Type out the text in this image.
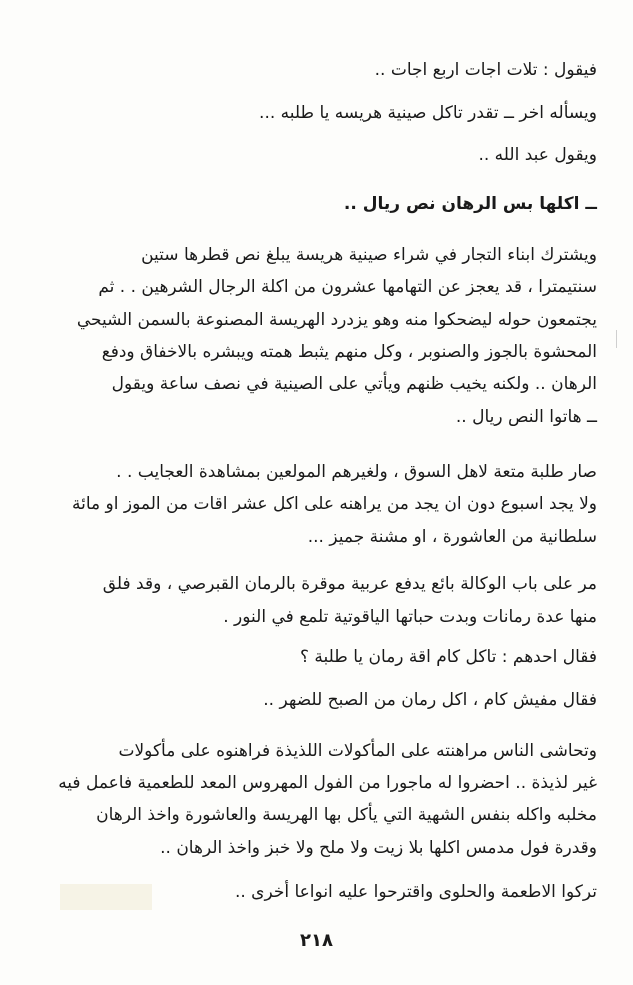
فيقول : تلات اجات اربع اجات ..
ويسأله اخر ــ تقدر تاكل صينية هريسه يا طلبه ...
ويقول عبد الله ..
ــ اكلها بس الرهان نص ريال ..
ويشترك ابناء التجار في شراء صينية هريسة يبلغ نص قطرها ستين
سنتيمترا ، قد يعجز عن التهامها عشرون من اكلة الرجال الشرهين . . ثم
يجتمعون حوله ليضحكوا منه وهو يزدرد الهريسة المصنوعة بالسمن الشيحي
المحشوة بالجوز والصنوبر ، وكل منهم يثبط همته ويبشره بالاخفاق ودفع
الرهان .. ولكنه يخيب ظنهم ويأتي على الصينية في نصف ساعة ويقول
ــ هاتوا النص ريال ..
صار طلبة متعة لاهل السوق ، ولغيرهم المولعين بمشاهدة العجايب . .
ولا يجد اسبوع دون ان يجد من يراهنه على اكل عشر اقات من الموز او مائة
سلطانية من العاشورة ، او مشنة جميز ...
مر على باب الوكالة بائع يدفع عربية موقرة بالرمان القبرصي ، وقد فلق
منها عدة رمانات وبدت حباتها الياقوتية تلمع في النور .
فقال احدهم : تاكل كام اقة رمان يا طلبة ؟
فقال مفيش كام ، اكل رمان من الصبح للضهر ..
وتحاشى الناس مراهنته على المأكولات اللذيذة فراهنوه على مأكولات
غير لذيذة .. احضروا له ماجورا من الفول المهروس المعد للطعمية فاعمل فيه
مخلبه واكله بنفس الشهية التي يأكل بها الهريسة والعاشورة واخذ الرهان
وقدرة فول مدمس اكلها بلا زيت ولا ملح ولا خبز واخذ الرهان ..
تركوا الاطعمة والحلوى واقترحوا عليه انواعا أخرى ..
٢١٨
